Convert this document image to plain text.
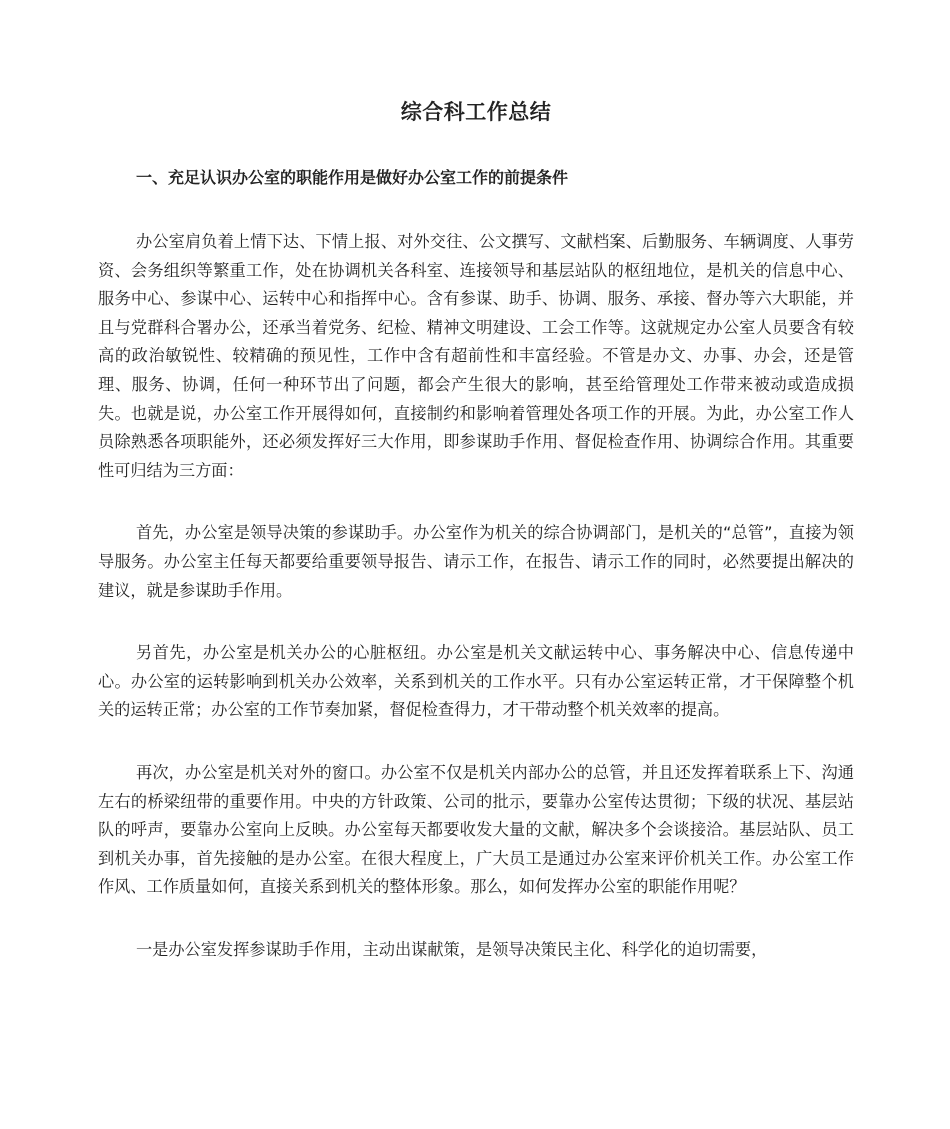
综合科工作总结
一、充足认识办公室的职能作用是做好办公室工作的前提条件

办公室肩负着上情下达、下情上报、对外交往、公文撰写、文献档案、后勤服务、车辆调度、人事劳资、会务组织等繁重工作，处在协调机关各科室、连接领导和基层站队的枢纽地位，是机关的信息中心、服务中心、参谋中心、运转中心和指挥中心。含有参谋、助手、协调、服务、承接、督办等六大职能，并且与党群科合署办公，还承当着党务、纪检、精神文明建设、工会工作等。这就规定办公室人员要含有较高的政治敏锐性、较精确的预见性，工作中含有超前性和丰富经验。不管是办文、办事、办会，还是管理、服务、协调，任何一种环节出了问题，都会产生很大的影响，甚至给管理处工作带来被动或造成损失。也就是说，办公室工作开展得如何，直接制约和影响着管理处各项工作的开展。为此，办公室工作人员除熟悉各项职能外，还必须发挥好三大作用，即参谋助手作用、督促检查作用、协调综合作用。其重要性可归结为三方面：

首先，办公室是领导决策的参谋助手。办公室作为机关的综合协调部门，是机关的“总管”，直接为领导服务。办公室主任每天都要给重要领导报告、请示工作，在报告、请示工作的同时，必然要提出解决的建议，就是参谋助手作用。

另首先，办公室是机关办公的心脏枢纽。办公室是机关文献运转中心、事务解决中心、信息传递中心。办公室的运转影响到机关办公效率，关系到机关的工作水平。只有办公室运转正常，才干保障整个机关的运转正常；办公室的工作节奏加紧，督促检查得力，才干带动整个机关效率的提高。

再次，办公室是机关对外的窗口。办公室不仅是机关内部办公的总管，并且还发挥着联系上下、沟通左右的桥梁纽带的重要作用。中央的方针政策、公司的批示，要靠办公室传达贯彻；下级的状况、基层站队的呼声，要靠办公室向上反映。办公室每天都要收发大量的文献，解决多个会谈接洽。基层站队、员工到机关办事，首先接触的是办公室。在很大程度上，广大员工是通过办公室来评价机关工作。办公室工作作风、工作质量如何，直接关系到机关的整体形象。那么，如何发挥办公室的职能作用呢？

一是办公室发挥参谋助手作用，主动出谋献策，是领导决策民主化、科学化的迫切需要，
